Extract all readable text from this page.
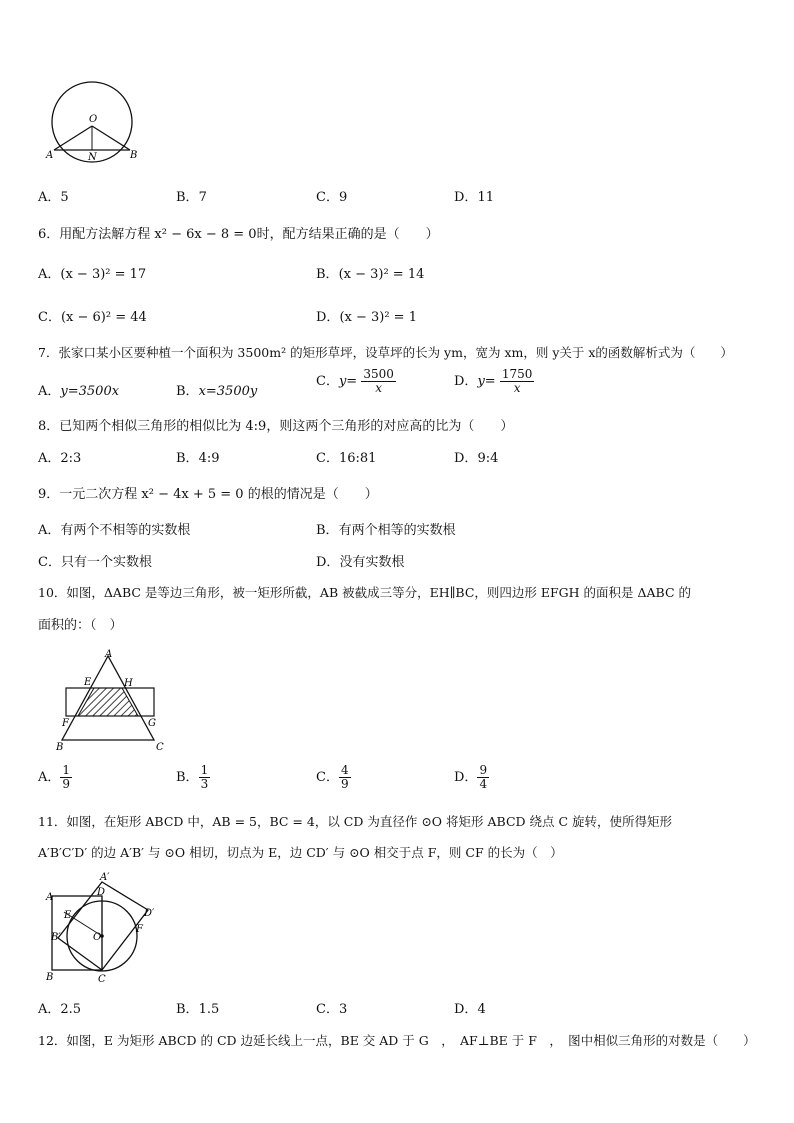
O
A	N	B
A．5	B．7	C．9	D．11
6．用配方法解方程 x² − 6x − 8 = 0时，配方结果正确的是（　　）
A．(x − 3)² = 17	B．(x − 3)² = 14
C．(x − 6)² = 44	D．(x − 3)² = 1
7．张家口某小区要种植一个面积为 3500m² 的矩形草坪，设草坪的长为 ym，宽为 xm，则 y关于 x的函数解析式为（　　）
A．y=3500x	B．x=3500y
C．$y= \frac{3500}{x}$	D．$y= \frac{1750}{x}$
8．已知两个相似三角形的相似比为 4:9，则这两个三角形的对应高的比为（　　）
A．2:3	B．4:9	C．16:81	D．9:4
9．一元二次方程 x² − 4x + 5 = 0 的根的情况是（　　）
A．有两个不相等的实数根	B．有两个相等的实数根
C．只有一个实数根	D．没有实数根
10．如图，ΔABC 是等边三角形，被一矩形所截，AB 被截成三等分，EH∥BC，则四边形 EFGH 的面积是 ΔABC 的
面积的：（　）
A
E	H
F	G
B	C
A． $\frac{1}{9}$	B． $\frac{1}{3}$	C． $\frac{4}{9}$	D． $\frac{9}{4}$
11．如图，在矩形 ABCD 中，AB = 5，BC = 4，以 CD 为直径作 ⊙O 将矩形 ABCD 绕点 C 旋转，使所得矩形
A′B′C′D′ 的边 A′B′ 与 ⊙O 相切，切点为 E，边 CD′ 与 ⊙O 相交于点 F，则 CF 的长为（　）
A
A′
D
D′
E
B′	O
F
B	C
A．2.5	B．1.5	C．3	D．4
12．如图，E 为矩形 ABCD 的 CD 边延长线上一点，BE 交 AD 于 G　，　AF⊥BE 于 F　，　图中相似三角形的对数是（　　）
